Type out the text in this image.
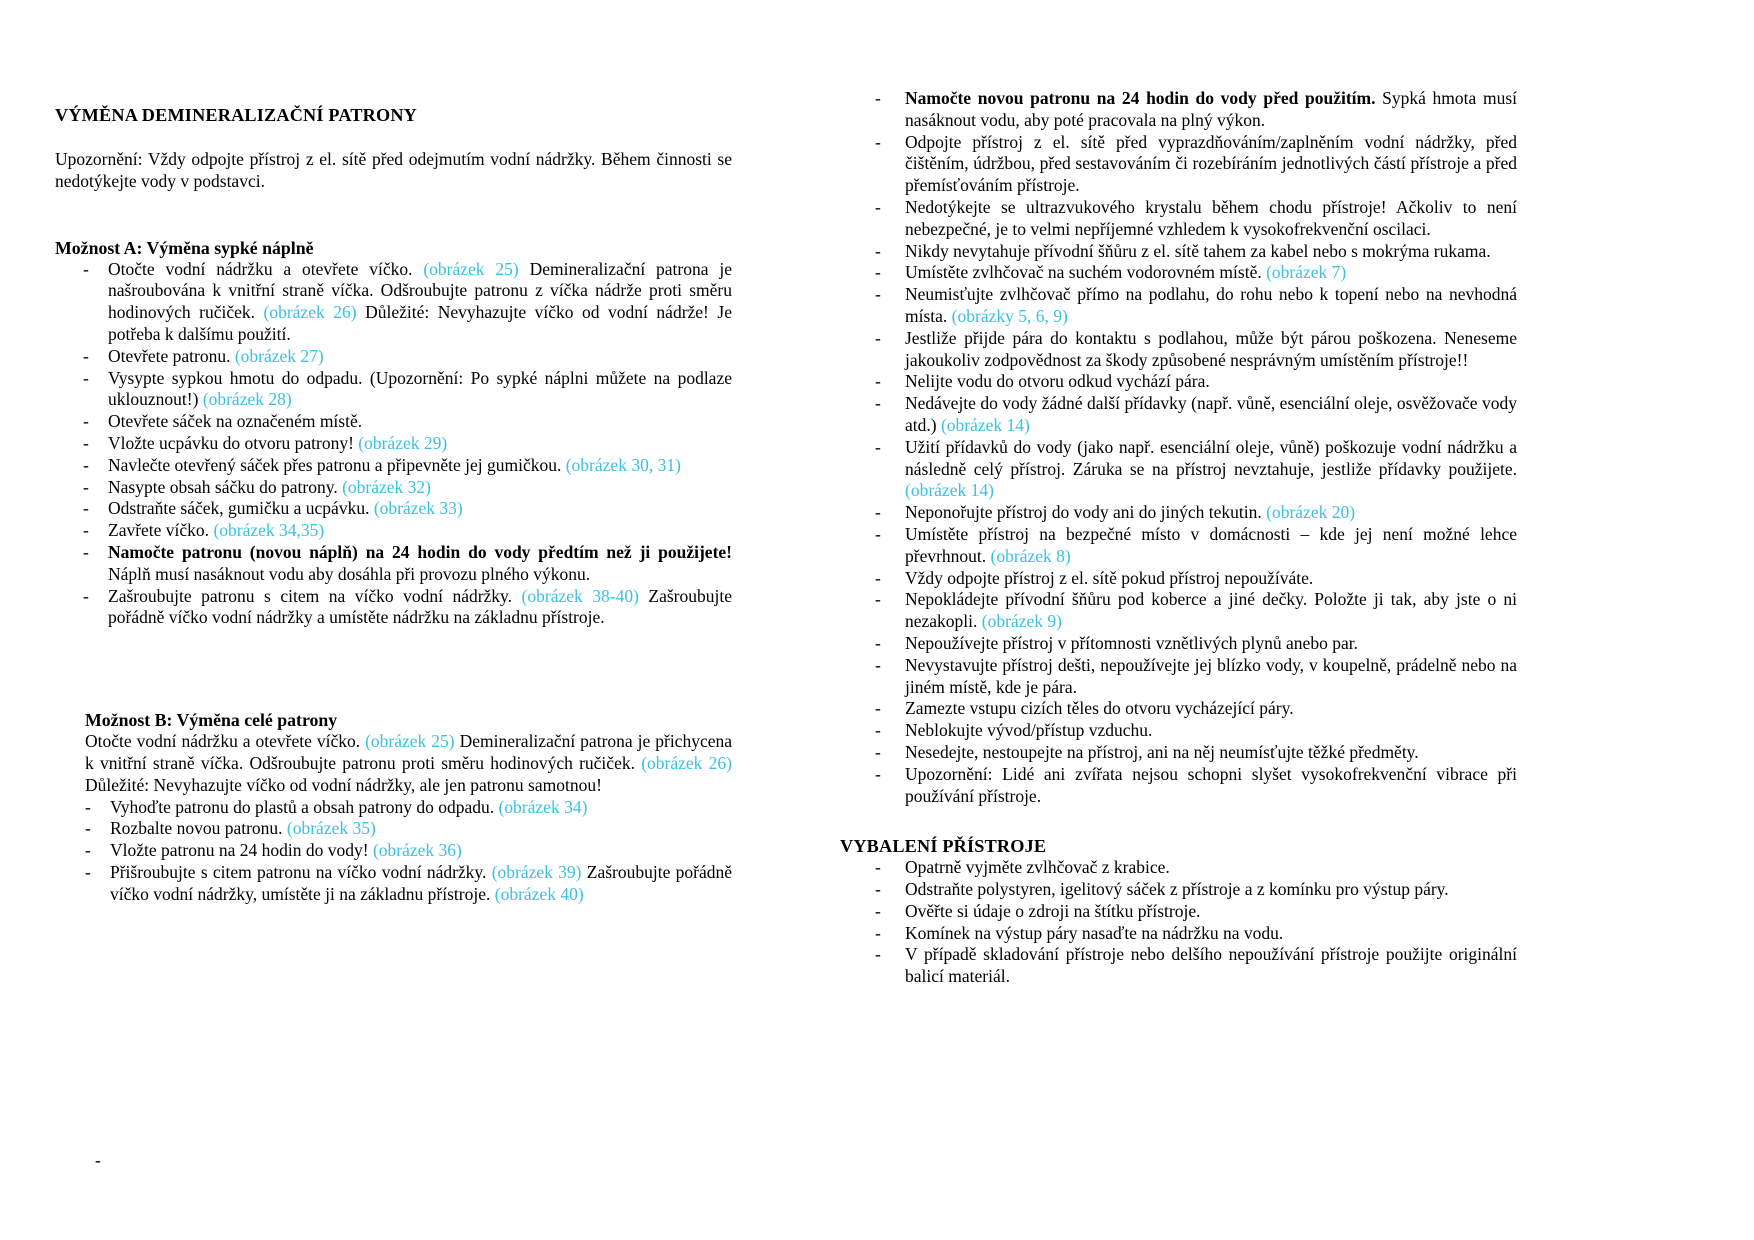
VÝMĚNA DEMINERALIZAČNÍ PATRONY

Upozornění: Vždy odpojte přístroj z el. sítě před odejmutím vodní nádržky. Během činnosti se nedotýkejte vody v podstavci.

Možnost A: Výměna sypké náplně
-	Otočte vodní nádržku a otevřete víčko. (obrázek 25) Demineralizační patrona je našroubována k vnitřní straně víčka. Odšroubujte patronu z víčka nádrže proti směru hodinových ručiček. (obrázek 26) Důležité: Nevyhazujte víčko od vodní nádrže! Je potřeba k dalšímu použití.
-	Otevřete patronu. (obrázek 27)
-	Vysypte sypkou hmotu do odpadu. (Upozornění: Po sypké náplni můžete na podlaze uklouznout!) (obrázek 28)
-	Otevřete sáček na označeném místě.
-	Vložte ucpávku do otvoru patrony! (obrázek 29)
-	Navlečte otevřený sáček přes patronu a připevněte jej gumičkou. (obrázek 30, 31)
-	Nasypte obsah sáčku do patrony. (obrázek 32)
-	Odstraňte sáček, gumičku a ucpávku. (obrázek 33)
-	Zavřete víčko. (obrázek 34,35)
-	Namočte patronu (novou náplň) na 24 hodin do vody předtím než ji použijete! Náplň musí nasáknout vodu aby dosáhla při provozu plného výkonu.
-	Zašroubujte patronu s citem na víčko vodní nádržky. (obrázek 38-40) Zašroubujte pořádně víčko vodní nádržky a umístěte nádržku na základnu přístroje.
Možnost B: Výměna celé patrony

Otočte vodní nádržku a otevřete víčko. (obrázek 25) Demineralizační patrona je přichycena k vnitřní straně víčka. Odšroubujte patronu proti směru hodinových ručiček. (obrázek 26) Důležité: Nevyhazujte víčko od vodní nádržky, ale jen patronu samotnou!

-	Vyhoďte patronu do plastů a obsah patrony do odpadu. (obrázek 34)
-	Rozbalte novou patronu. (obrázek 35)
-	Vložte patronu na 24 hodin do vody! (obrázek 36)
-	Přišroubujte s citem patronu na víčko vodní nádržky. (obrázek 39) Zašroubujte pořádně víčko vodní nádržky, umístěte ji na základnu přístroje. (obrázek 40)
-
-	Namočte novou patronu na 24 hodin do vody před použitím. Sypká hmota musí nasáknout vodu, aby poté pracovala na plný výkon.
-	Odpojte přístroj z el. sítě před vyprazdňováním/zaplněním vodní nádržky, před čištěním, údržbou, před sestavováním či rozebíráním jednotlivých částí přístroje a před přemísťováním přístroje.
-	Nedotýkejte se ultrazvukového krystalu během chodu přístroje! Ačkoliv to není nebezpečné, je to velmi nepříjemné vzhledem k vysokofrekvenční oscilaci.
-	Nikdy nevytahuje přívodní šňůru z el. sítě tahem za kabel nebo s mokrýma rukama.
-	Umístěte zvlhčovač na suchém vodorovném místě. (obrázek 7)
-	Neumisťujte zvlhčovač přímo na podlahu, do rohu nebo k topení nebo na nevhodná místa. (obrázky 5, 6, 9)
-	Jestliže přijde pára do kontaktu s podlahou, může být párou poškozena. Neneseme jakoukoliv zodpovědnost za škody způsobené nesprávným umístěním přístroje!!
-	Nelijte vodu do otvoru odkud vychází pára.
-	Nedávejte do vody žádné další přídavky (např. vůně, esenciální oleje, osvěžovače vody atd.) (obrázek 14)
-	Užití přídavků do vody (jako např. esenciální oleje, vůně) poškozuje vodní nádržku a následně celý přístroj. Záruka se na přístroj nevztahuje, jestliže přídavky použijete. (obrázek 14)
-	Neponořujte přístroj do vody ani do jiných tekutin. (obrázek 20)
-	Umístěte přístroj na bezpečné místo v domácnosti – kde jej není možné lehce převrhnout. (obrázek 8)
-	Vždy odpojte přístroj z el. sítě pokud přístroj nepoužíváte.
-	Nepokládejte přívodní šňůru pod koberce a jiné dečky. Položte ji tak, aby jste o ni nezakopli. (obrázek 9)
-	Nepoužívejte přístroj v přítomnosti vznětlivých plynů anebo par.
-	Nevystavujte přístroj dešti, nepoužívejte jej blízko vody, v koupelně, prádelně nebo na jiném místě, kde je pára.
-	Zamezte vstupu cizích těles do otvoru vycházející páry.
-	Neblokujte vývod/přístup vzduchu.
-	Nesedejte, nestoupejte na přístroj, ani na něj neumísťujte těžké předměty.
-	Upozornění: Lidé ani zvířata nejsou schopni slyšet vysokofrekvenční vibrace při používání přístroje.
VYBALENÍ PŘÍSTROJE
-	Opatrně vyjměte zvlhčovač z krabice.
-	Odstraňte polystyren, igelitový sáček z přístroje a z komínku pro výstup páry.
-	Ověřte si údaje o zdroji na štítku přístroje.
-	Komínek na výstup páry nasaďte na nádržku na vodu.
-	V případě skladování přístroje nebo delšího nepoužívání přístroje použijte originální balicí materiál.
